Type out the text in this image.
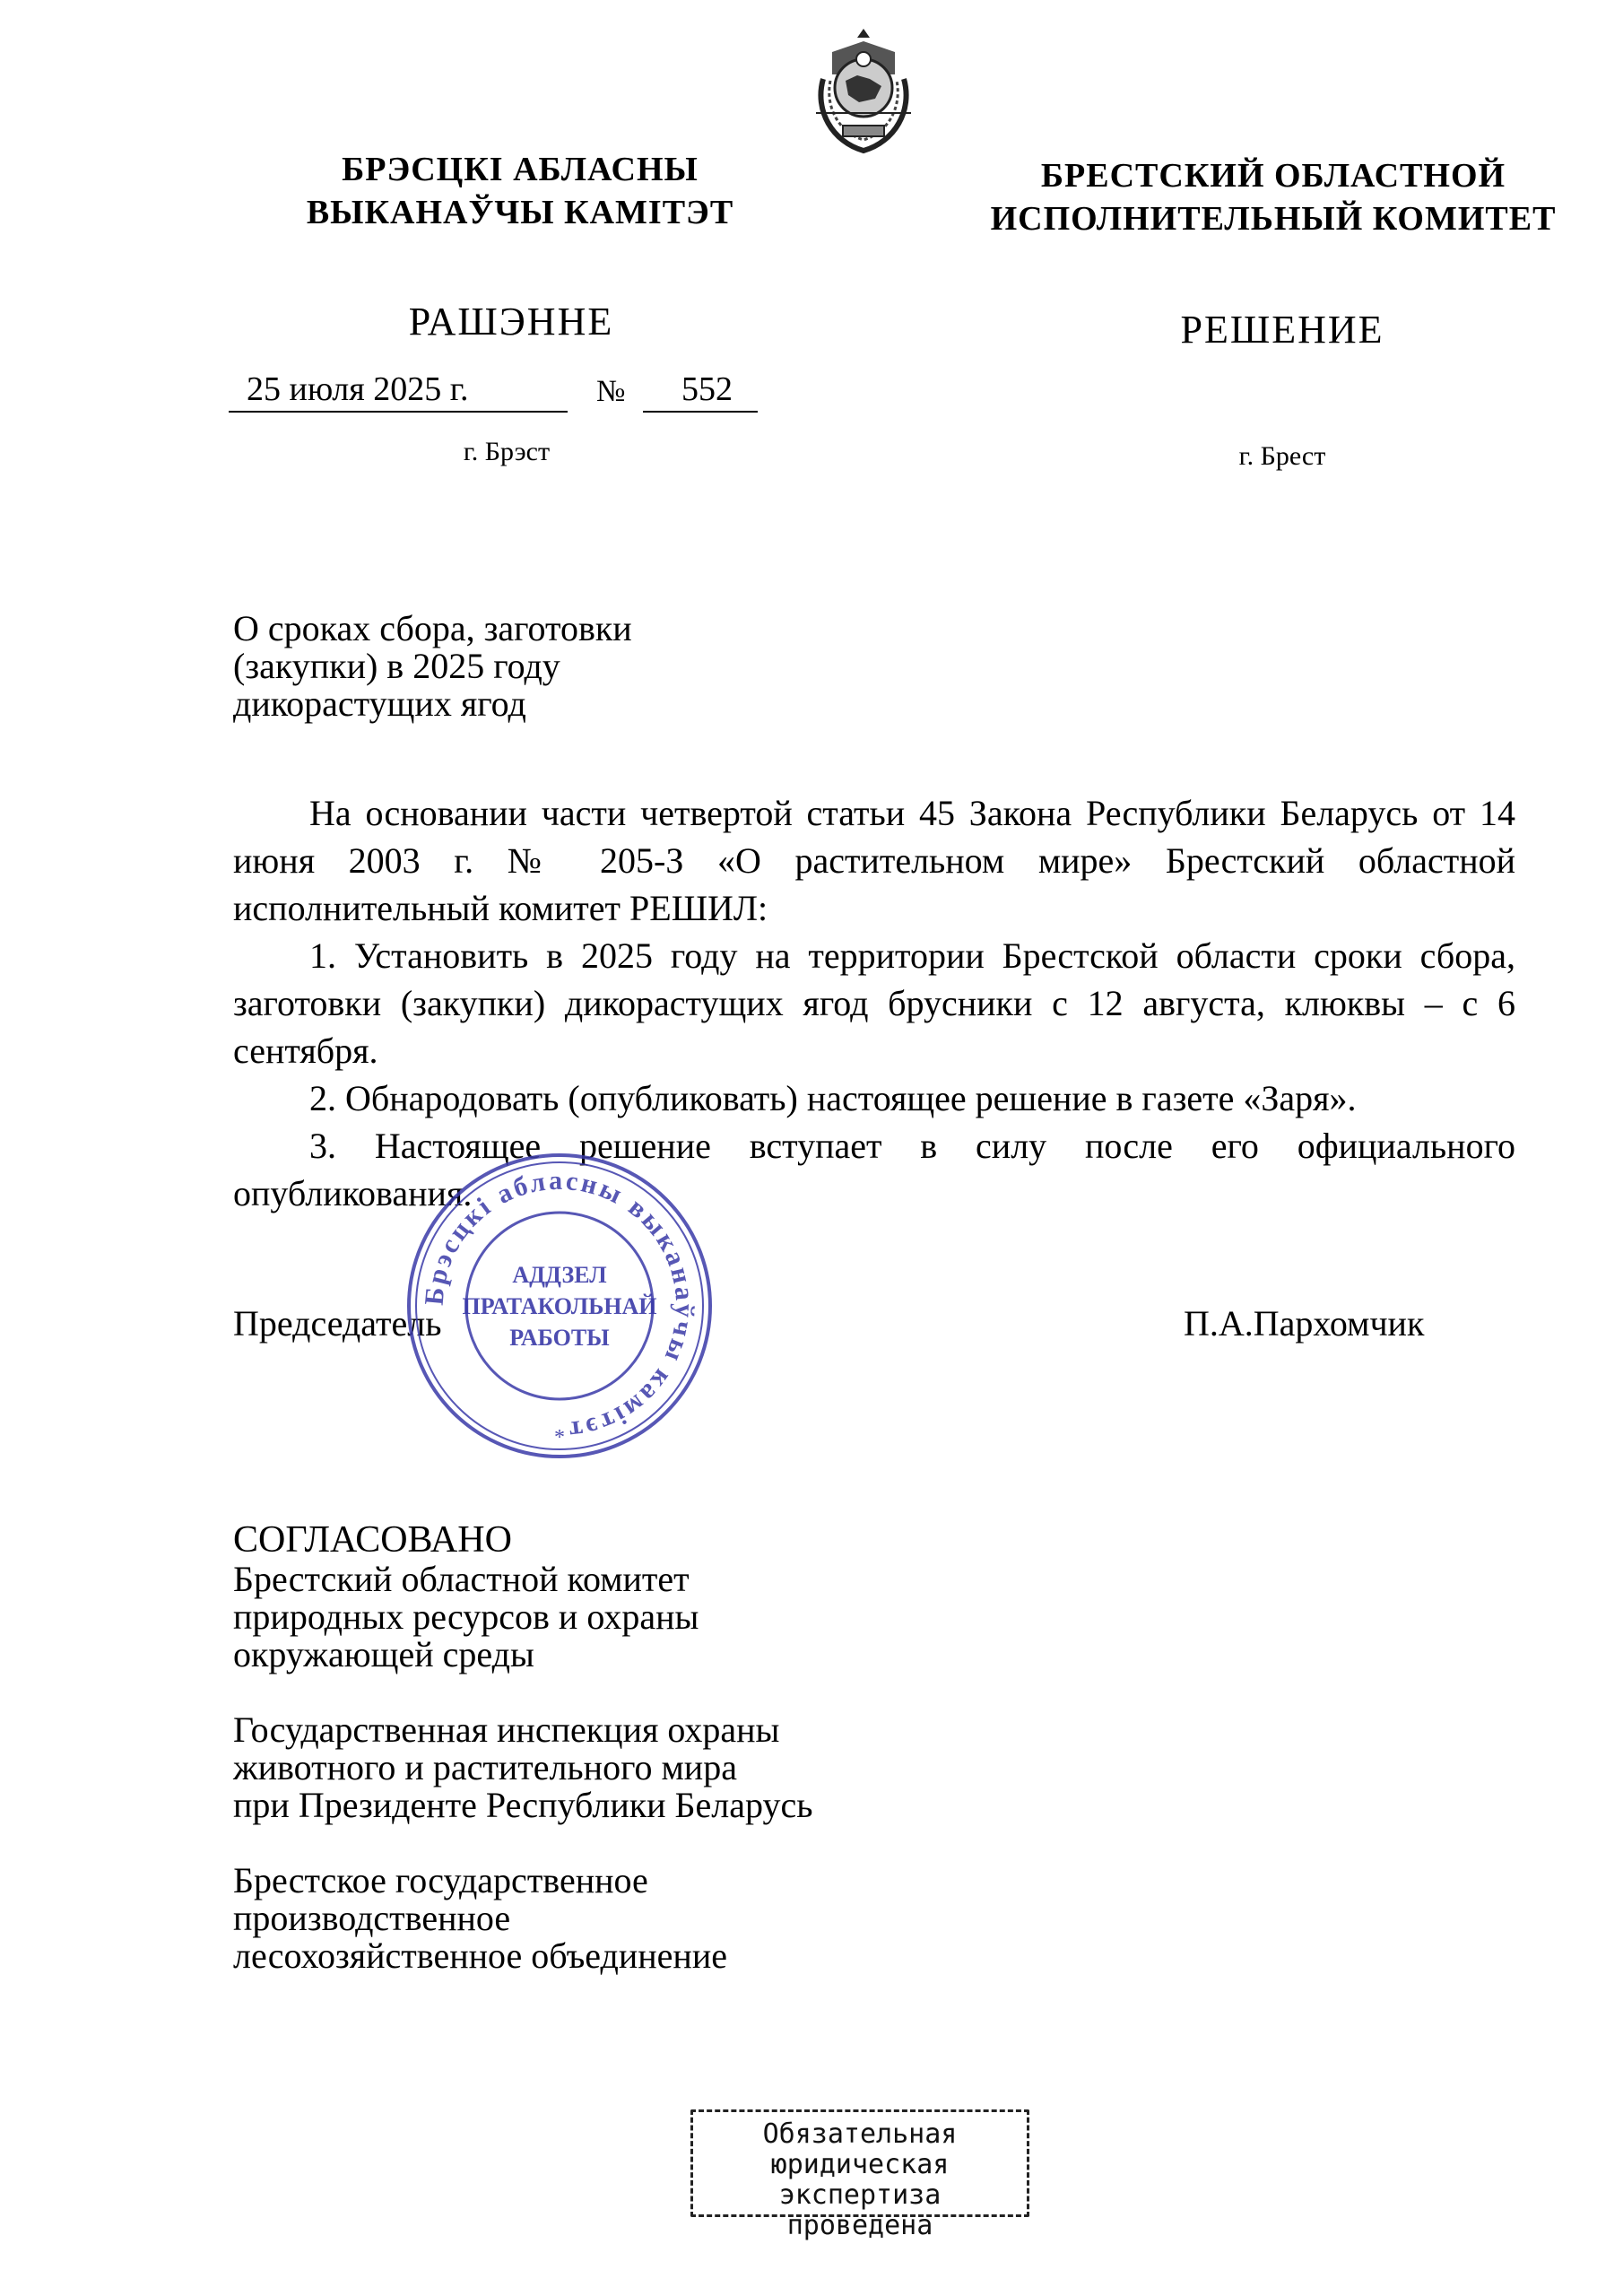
БРЭСЦКI АБЛАСНЫ
ВЫКАНАЎЧЫ КАМIТЭТ
БРЕСТСКИЙ ОБЛАСТНОЙ
ИСПОЛНИТЕЛЬНЫЙ КОМИТЕТ
РАШЭННЕ	РЕШЕНИЕ
25 июля 2025 г.	№ 552
г. Брэст	г. Брест
О сроках сбора, заготовки
(закупки) в 2025 году
дикорастущих ягод

На основании части четвертой статьи 45 Закона Республики Беларусь от 14 июня 2003 г. № 205-З «О растительном мире» Брестский областной исполнительный комитет РЕШИЛ:

1. Установить в 2025 году на территории Брестской области сроки сбора, заготовки (закупки) дикорастущих ягод брусники с 12 августа, клюквы – с 6 сентября.

2. Обнародовать (опубликовать) настоящее решение в газете «Заря».

3. Настоящее решение вступает в силу после его официального опубликования.

Председатель	П.А.Пархомчик
Брэсцкi абласны выканаўчы камiтэт
АДДЗЕЛ
ПРАТАКОЛЬНАЙ
РАБОТЫ
*
СОГЛАСОВАНО
Брестский областной комитет
природных ресурсов и охраны
окружающей среды
Государственная инспекция охраны
животного и растительного мира
при Президенте Республики Беларусь
Брестское государственное
производственное
лесохозяйственное объединение
Обязательная
юридическая экспертиза
проведена
